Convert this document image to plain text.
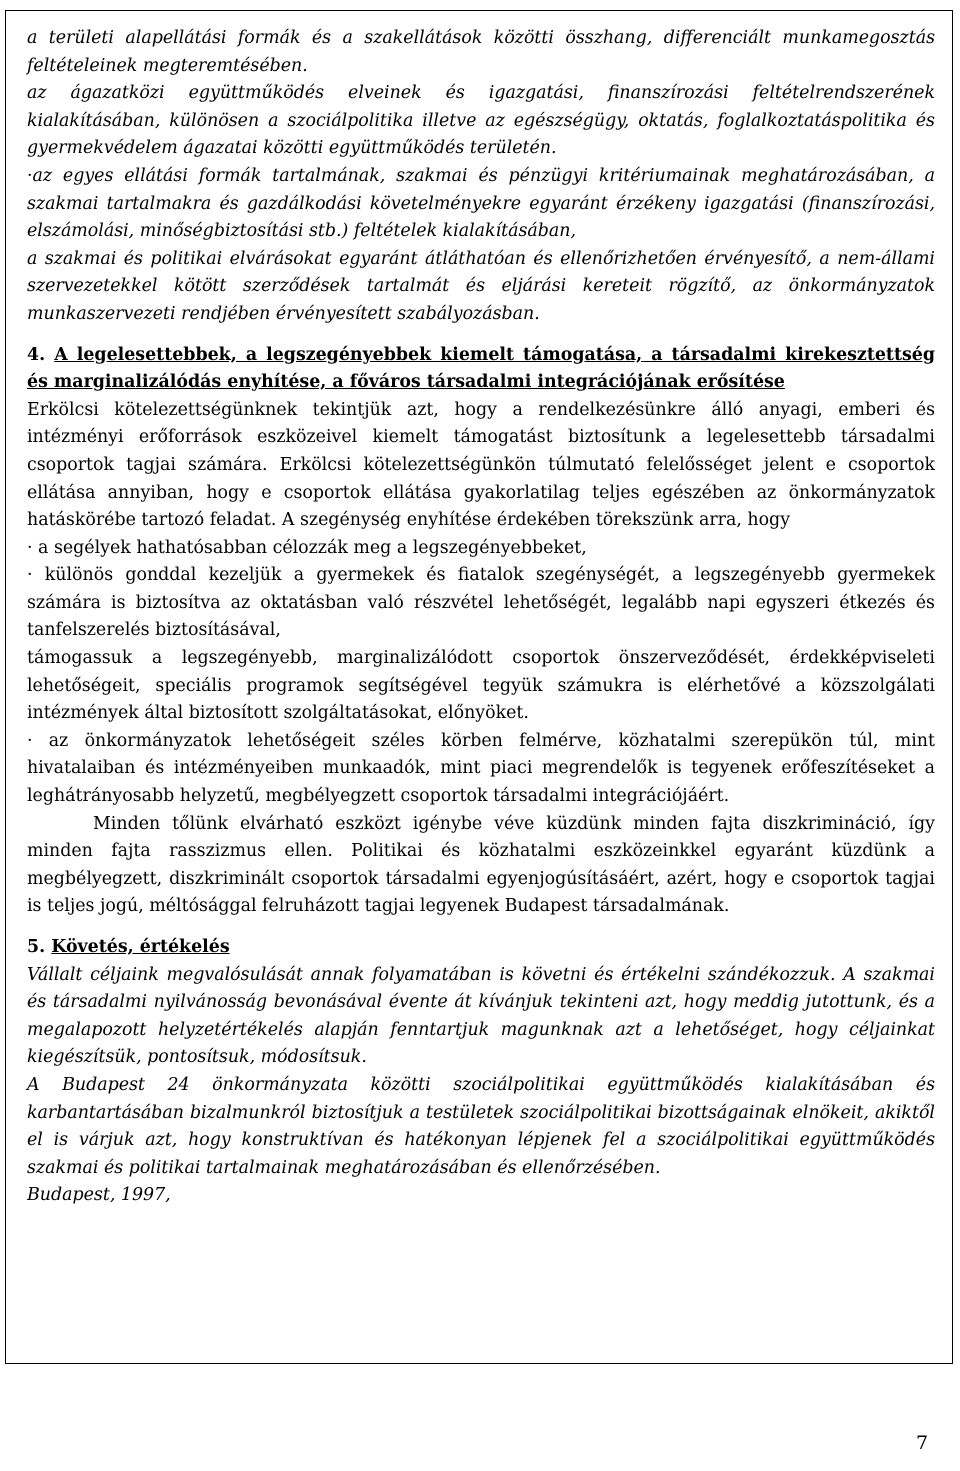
a területi alapellátási formák és a szakellátások közötti összhang, differenciált munkamegosztás feltételeinek megteremtésében.

az ágazatközi együttműködés elveinek és igazgatási, finanszírozási feltételrendszerének kialakításában, különösen a szociálpolitika illetve az egészségügy, oktatás, foglalkoztatáspolitika és gyermekvédelem ágazatai közötti együttműködés területén.

·az egyes ellátási formák tartalmának, szakmai és pénzügyi kritériumainak meghatározásában, a szakmai tartalmakra és gazdálkodási követelményekre egyaránt érzékeny igazgatási (finanszírozási, elszámolási, minőségbiztosítási stb.) feltételek kialakításában,

a szakmai és politikai elvárásokat egyaránt átláthatóan és ellenőrizhetően érvényesítő, a nem-állami szervezetekkel kötött szerződések tartalmát és eljárási kereteit rögzítő, az önkormányzatok munkaszervezeti rendjében érvényesített szabályozásban.

4. A legelesettebbek, a legszegényebbek kiemelt támogatása, a társadalmi kirekesztettség és marginalizálódás enyhítése, a főváros társadalmi integrációjának erősítése

Erkölcsi kötelezettségünknek tekintjük azt, hogy a rendelkezésünkre álló anyagi, emberi és intézményi erőforrások eszközeivel kiemelt támogatást biztosítunk a legelesettebb társadalmi csoportok tagjai számára. Erkölcsi kötelezettségünkön túlmutató felelősséget jelent e csoportok ellátása annyiban, hogy e csoportok ellátása gyakorlatilag teljes egészében az önkormányzatok hatáskörébe tartozó feladat. A szegénység enyhítése érdekében törekszünk arra, hogy

· a segélyek hathatósabban célozzák meg a legszegényebbeket,

· különös gonddal kezeljük a gyermekek és fiatalok szegénységét, a legszegényebb gyermekek számára is biztosítva az oktatásban való részvétel lehetőségét, legalább napi egyszeri étkezés és tanfelszerelés biztosításával,

támogassuk a legszegényebb, marginalizálódott csoportok önszerveződését, érdekképviseleti lehetőségeit, speciális programok segítségével tegyük számukra is elérhetővé a közszolgálati intézmények által biztosított szolgáltatásokat, előnyöket.

· az önkormányzatok lehetőségeit széles körben felmérve, közhatalmi szerepükön túl, mint hivatalaiban és intézményeiben munkaadók, mint piaci megrendelők is tegyenek erőfeszítéseket a leghátrányosabb helyzetű, megbélyegzett csoportok társadalmi integrációjáért.

Minden tőlünk elvárható eszközt igénybe véve küzdünk minden fajta diszkrimináció, így minden fajta rasszizmus ellen. Politikai és közhatalmi eszközeinkkel egyaránt küzdünk a megbélyegzett, diszkriminált csoportok társadalmi egyenjogúsításáért, azért, hogy e csoportok tagjai is teljes jogú, méltósággal felruházott tagjai legyenek Budapest társadalmának.

5. Követés, értékelés

Vállalt céljaink megvalósulását annak folyamatában is követni és értékelni szándékozzuk. A szakmai és társadalmi nyilvánosság bevonásával évente át kívánjuk tekinteni azt, hogy meddig jutottunk, és a megalapozott helyzetértékelés alapján fenntartjuk magunknak azt a lehetőséget, hogy céljainkat kiegészítsük, pontosítsuk, módosítsuk.

A Budapest 24 önkormányzata közötti szociálpolitikai együttműködés kialakításában és karbantartásában bizalmunkról biztosítjuk a testületek szociálpolitikai bizottságainak elnökeit, akiktől el is várjuk azt, hogy konstruktívan és hatékonyan lépjenek fel a szociálpolitikai együttműködés szakmai és politikai tartalmainak meghatározásában és ellenőrzésében.

Budapest, 1997,

7
